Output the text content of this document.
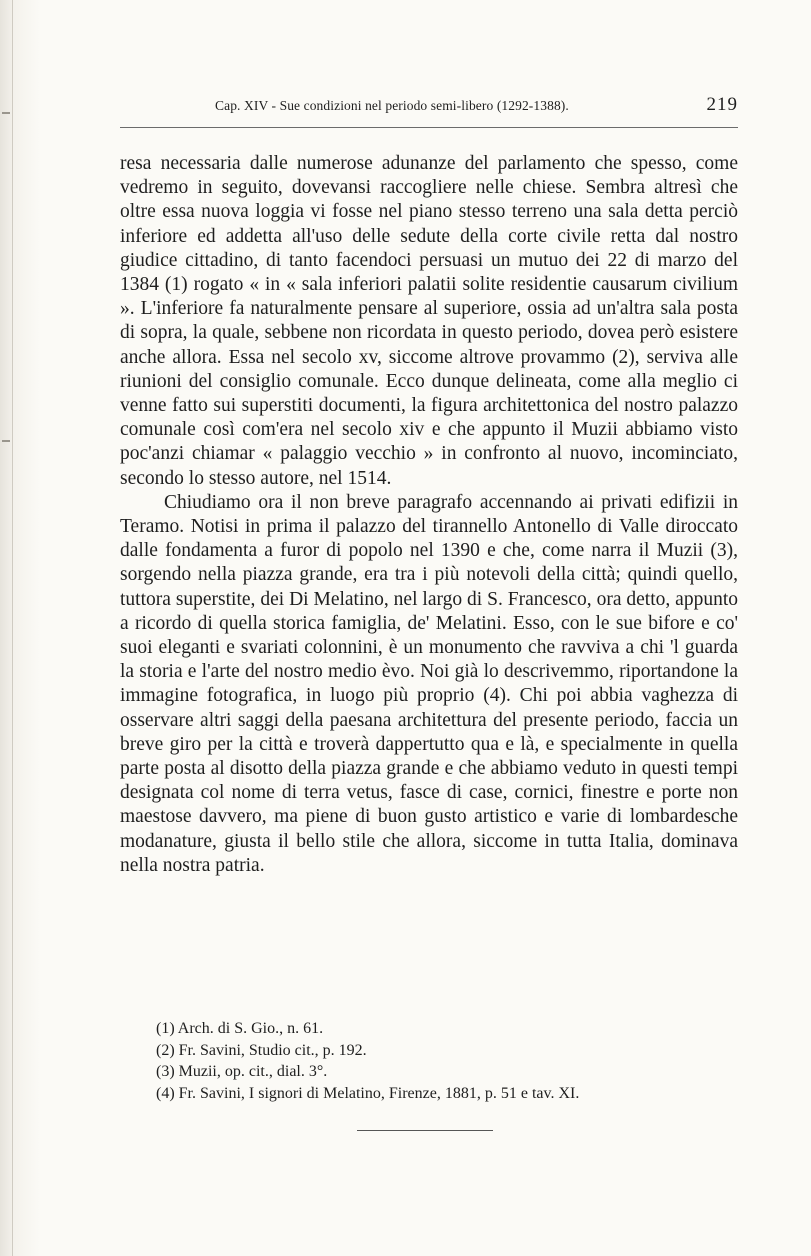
Cap. XIV - Sue condizioni nel periodo semi-libero (1292-1388).	219

resa necessaria dalle numerose adunanze del parlamento che spesso, come vedremo in seguito, dovevansi raccogliere nelle chiese. Sembra altresì che oltre essa nuova loggia vi fosse nel piano stesso terreno una sala detta perciò inferiore ed addetta all'uso delle sedute della corte civile retta dal nostro giudice cittadino, di tanto facendoci persuasi un mutuo dei 22 di marzo del 1384 (1) rogato « in « sala inferiori palatii solite residentie causarum civilium ». L'inferiore fa naturalmente pensare al superiore, ossia ad un'altra sala posta di sopra, la quale, sebbene non ricordata in questo periodo, dovea però esistere anche allora. Essa nel secolo xv, siccome altrove provammo (2), serviva alle riunioni del consiglio comunale. Ecco dunque delineata, come alla meglio ci venne fatto sui superstiti documenti, la figura architettonica del nostro palazzo comunale così com'era nel secolo xiv e che appunto il Muzii abbiamo visto poc'anzi chiamar « palaggio vecchio » in confronto al nuovo, incominciato, secondo lo stesso autore, nel 1514.

Chiudiamo ora il non breve paragrafo accennando ai privati edifizii in Teramo. Notisi in prima il palazzo del tirannello Antonello di Valle diroccato dalle fondamenta a furor di popolo nel 1390 e che, come narra il Muzii (3), sorgendo nella piazza grande, era tra i più notevoli della città; quindi quello, tuttora superstite, dei Di Melatino, nel largo di S. Francesco, ora detto, appunto a ricordo di quella storica famiglia, de' Melatini. Esso, con le sue bifore e co' suoi eleganti e svariati colonnini, è un monumento che ravviva a chi 'l guarda la storia e l'arte del nostro medio èvo. Noi già lo descrivemmo, riportandone la immagine fotografica, in luogo più proprio (4). Chi poi abbia vaghezza di osservare altri saggi della paesana architettura del presente periodo, faccia un breve giro per la città e troverà dappertutto qua e là, e specialmente in quella parte posta al disotto della piazza grande e che abbiamo veduto in questi tempi designata col nome di terra vetus, fasce di case, cornici, finestre e porte non maestose davvero, ma piene di buon gusto artistico e varie di lombardesche modanature, giusta il bello stile che allora, siccome in tutta Italia, dominava nella nostra patria.

(1) Arch. di S. Gio., n. 61.
(2) Fr. Savini, Studio cit., p. 192.
(3) Muzii, op. cit., dial. 3°.
(4) Fr. Savini, I signori di Melatino, Firenze, 1881, p. 51 e tav. XI.
